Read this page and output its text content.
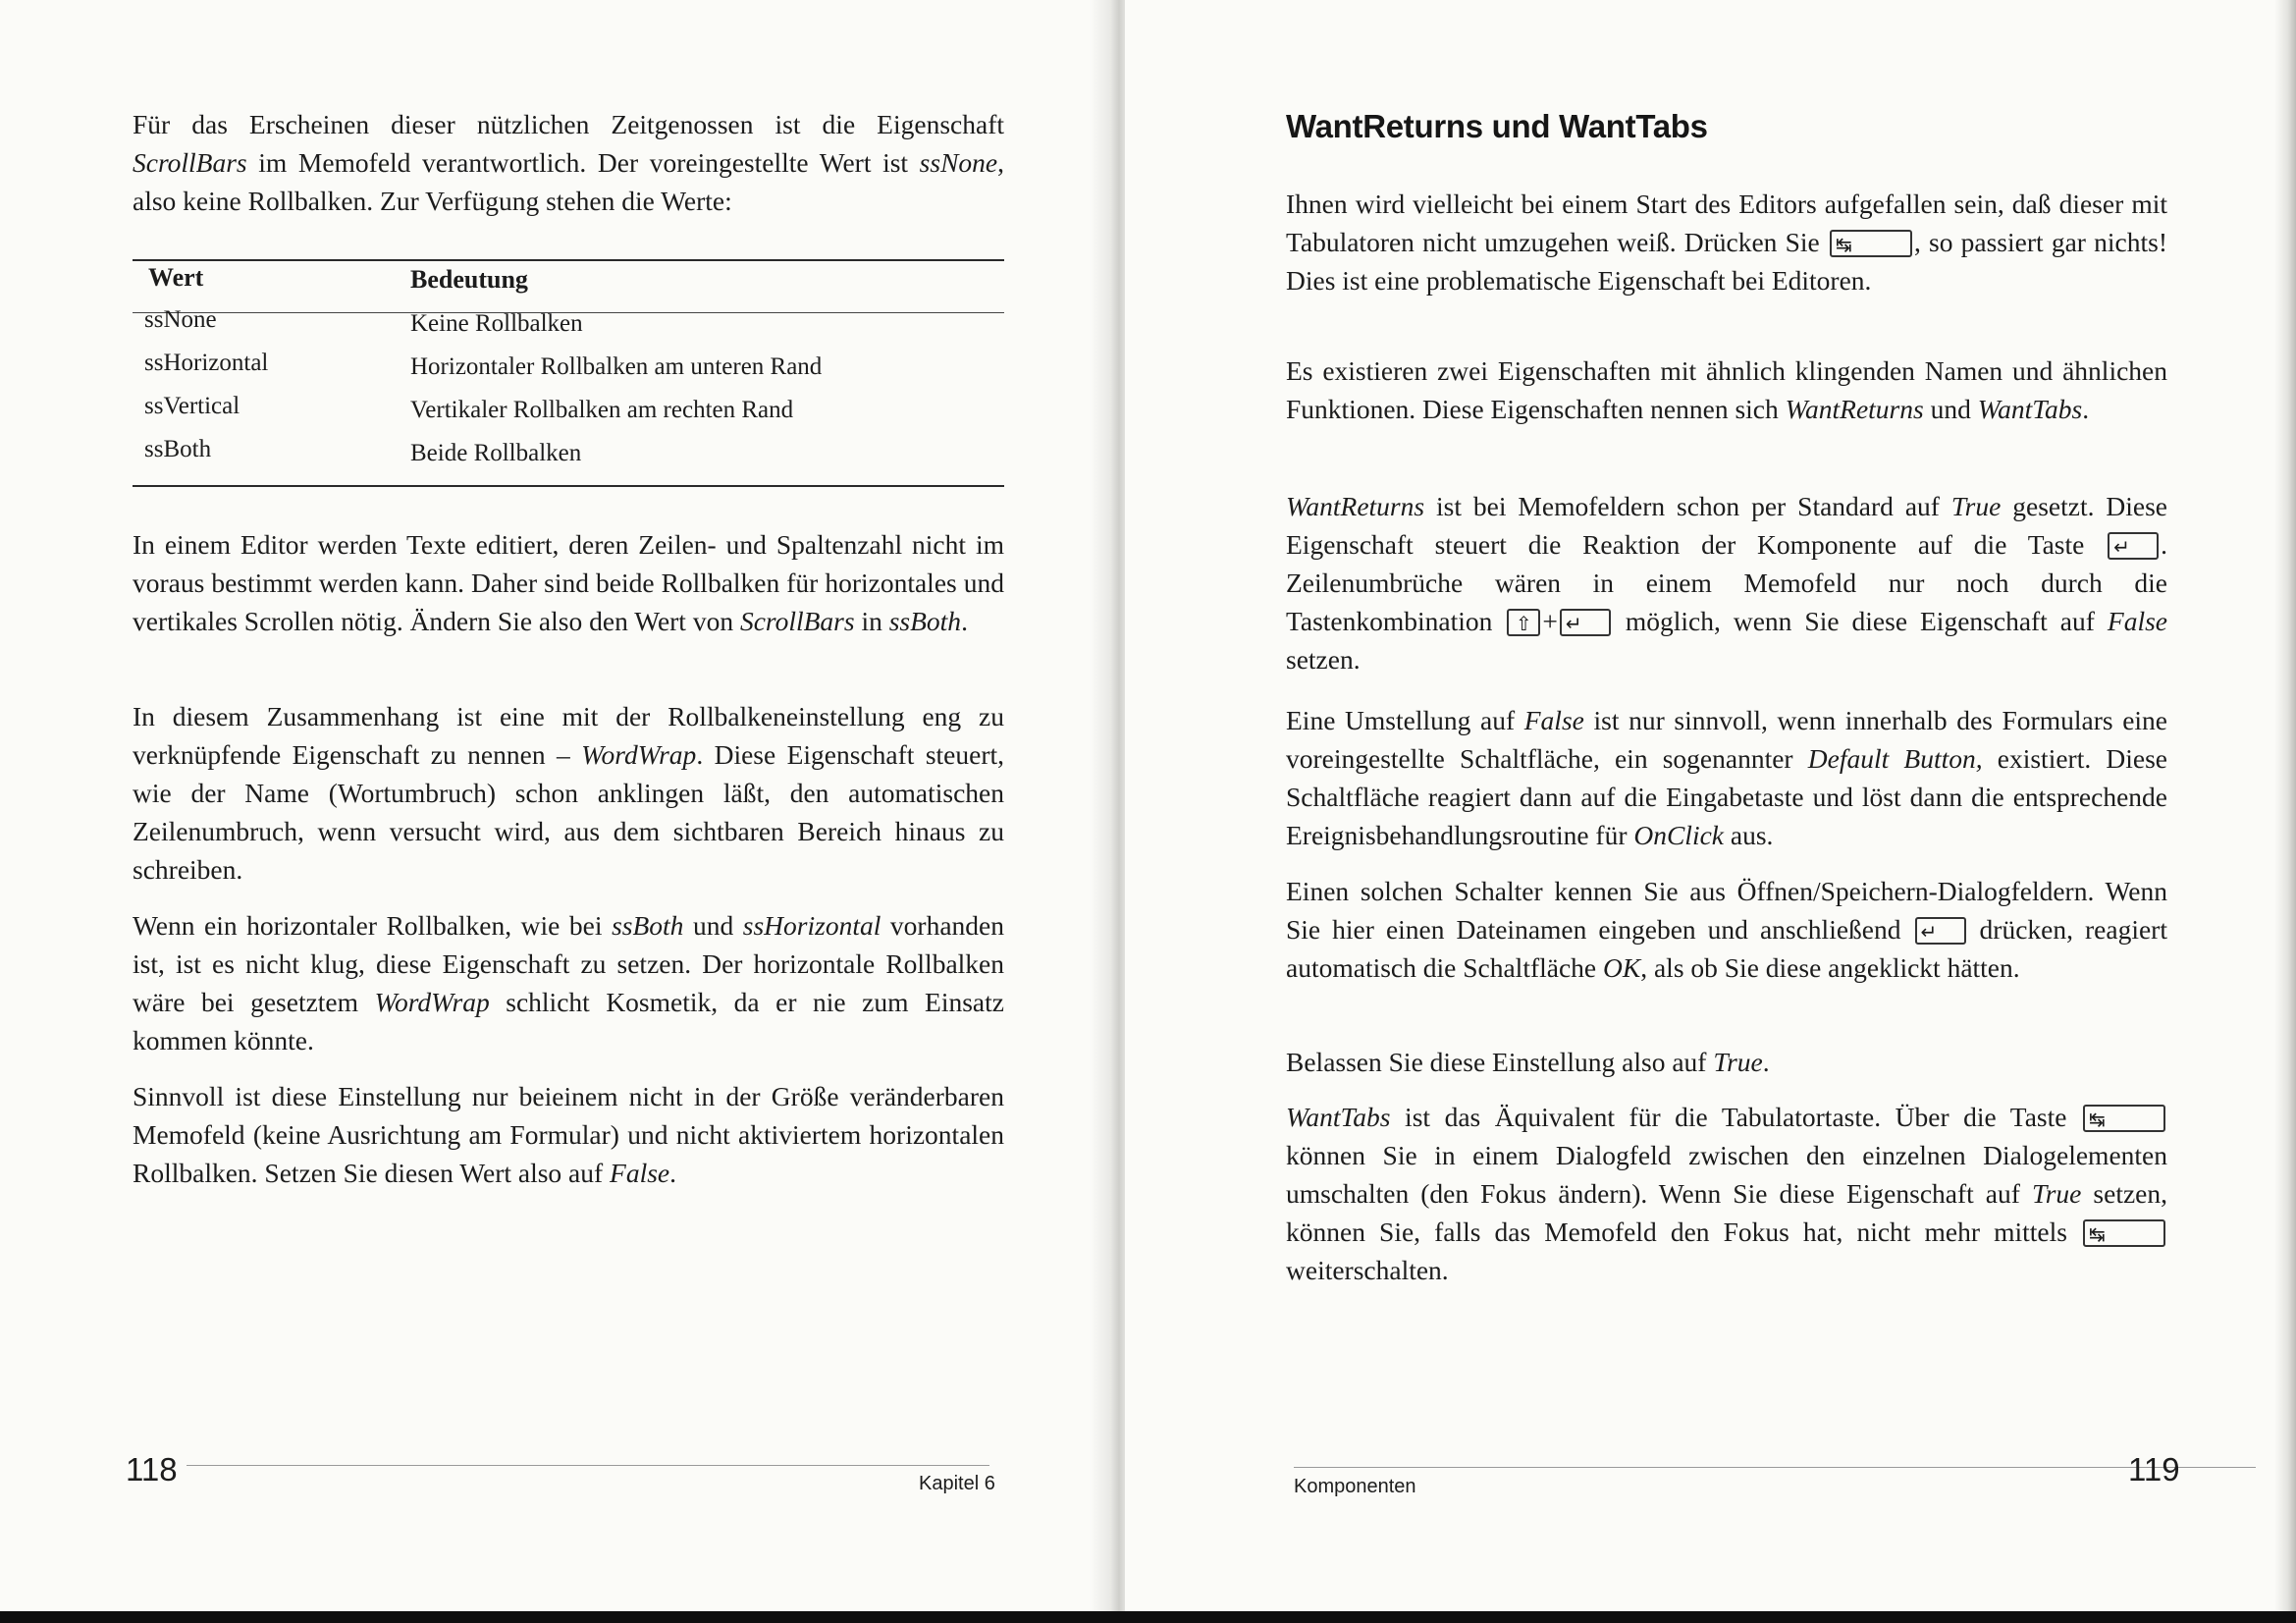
Für das Erscheinen dieser nützlichen Zeitgenossen ist die Eigenschaft ScrollBars im Memofeld verantwortlich. Der voreingestellte Wert ist ssNone, also keine Rollbalken. Zur Verfügung stehen die Werte:

Wert	Bedeutung
ssNone	Keine Rollbalken
ssHorizontal	Horizontaler Rollbalken am unteren Rand
ssVertical	Vertikaler Rollbalken am rechten Rand
ssBoth	Beide Rollbalken

In einem Editor werden Texte editiert, deren Zeilen- und Spaltenzahl nicht im voraus bestimmt werden kann. Daher sind beide Rollbalken für horizontales und vertikales Scrollen nötig. Ändern Sie also den Wert von ScrollBars in ssBoth.

In diesem Zusammenhang ist eine mit der Rollbalkeneinstellung eng zu verknüpfende Eigenschaft zu nennen – WordWrap. Diese Eigenschaft steuert, wie der Name (Wortumbruch) schon anklingen läßt, den automatischen Zeilenumbruch, wenn versucht wird, aus dem sichtbaren Bereich hinaus zu schreiben.

Wenn ein horizontaler Rollbalken, wie bei ssBoth und ssHorizontal vorhanden ist, ist es nicht klug, diese Eigenschaft zu setzen. Der horizontale Rollbalken wäre bei gesetztem WordWrap schlicht Kosmetik, da er nie zum Einsatz kommen könnte.

Sinnvoll ist diese Einstellung nur beieinem nicht in der Größe veränderbaren Memofeld (keine Ausrichtung am Formular) und nicht aktiviertem horizontalen Rollbalken. Setzen Sie diesen Wert also auf False.

118	Kapitel 6
WantReturns und WantTabs

Ihnen wird vielleicht bei einem Start des Editors aufgefallen sein, daß dieser mit Tabulatoren nicht umzugehen weiß. Drücken Sie ↹ , so passiert gar nichts! Dies ist eine problematische Eigenschaft bei Editoren.

Es existieren zwei Eigenschaften mit ähnlich klingenden Namen und ähnlichen Funktionen. Diese Eigenschaften nennen sich WantReturns und WantTabs.

WantReturns ist bei Memofeldern schon per Standard auf True gesetzt. Diese Eigenschaft steuert die Reaktion der Komponente auf die Taste ↵ . Zeilenumbrüche wären in einem Memofeld nur noch durch die Tastenkombination ⇧ + ↵ möglich, wenn Sie diese Eigenschaft auf False setzen.

Eine Umstellung auf False ist nur sinnvoll, wenn innerhalb des Formulars eine voreingestellte Schaltfläche, ein sogenannter Default Button, existiert. Diese Schaltfläche reagiert dann auf die Eingabetaste und löst dann die entsprechende Ereignisbehandlungsroutine für OnClick aus.

Einen solchen Schalter kennen Sie aus Öffnen/Speichern-Dialogfeldern. Wenn Sie hier einen Dateinamen eingeben und anschließend ↵ drücken, reagiert automatisch die Schaltfläche OK, als ob Sie diese angeklickt hätten.

Belassen Sie diese Einstellung also auf True.

WantTabs ist das Äquivalent für die Tabulatortaste. Über die Taste ↹ können Sie in einem Dialogfeld zwischen den einzelnen Dialogelementen umschalten (den Fokus ändern). Wenn Sie diese Eigenschaft auf True setzen, können Sie, falls das Memofeld den Fokus hat, nicht mehr mittels ↹ weiterschalten.

Komponenten	119
